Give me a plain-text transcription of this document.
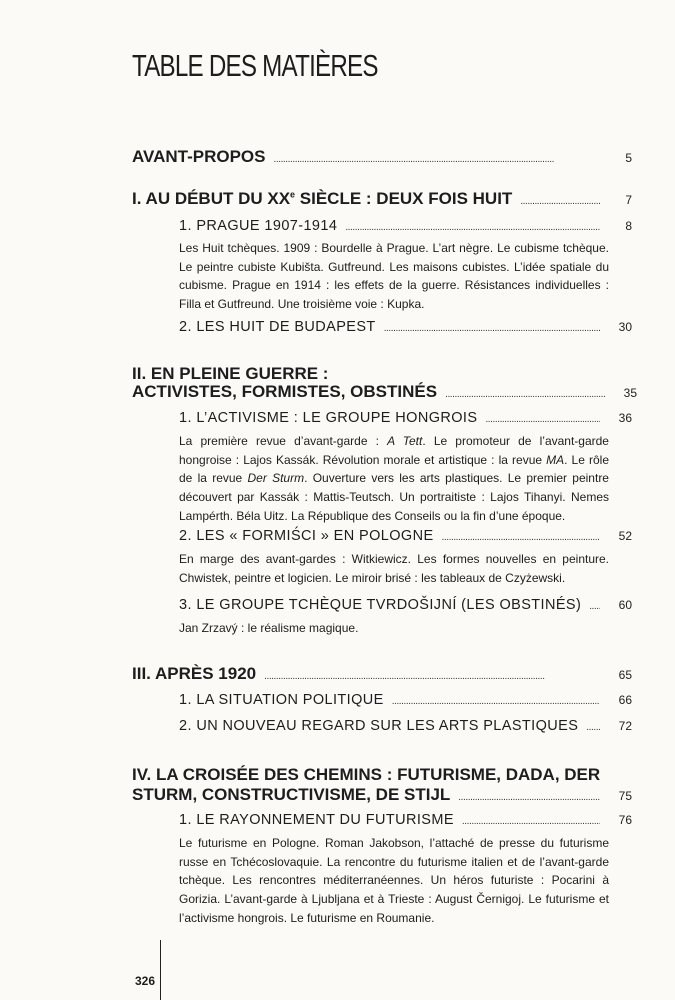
TABLE DES MATIÈRES
AVANT-PROPOS . . .	5
I. AU DÉBUT DU XXe SIÈCLE : DEUX FOIS HUIT . . .	7
1. PRAGUE 1907-1914 . . .	8

Les Huit tchèques. 1909 : Bourdelle à Prague. L’art nègre. Le cubisme tchèque. Le peintre cubiste Kubišta. Gutfreund. Les maisons cubistes. L’idée spatiale du cubisme. Prague en 1914 : les effets de la guerre. Résistances individuelles : Filla et Gutfreund. Une troisième voie : Kupka.

2. LES HUIT DE BUDAPEST . . .	30
II. EN PLEINE GUERRE :
ACTIVISTES, FORMISTES, OBSTINÉS . . .	35
1. L’ACTIVISME : LE GROUPE HONGROIS . . .	36

La première revue d’avant-garde : A Tett. Le promoteur de l’avant-garde hongroise : Lajos Kassák. Révolution morale et artistique : la revue MA. Le rôle de la revue Der Sturm. Ouverture vers les arts plastiques. Le premier peintre découvert par Kassák : Mattis-Teutsch. Un portraitiste : Lajos Tihanyi. Nemes Lampérth. Béla Uitz. La République des Conseils ou la fin d’une époque.

2. LES « FORMIŚCI » EN POLOGNE . . .	52

En marge des avant-gardes : Witkiewicz. Les formes nouvelles en peinture. Chwistek, peintre et logicien. Le miroir brisé : les tableaux de Czyżewski.

3. LE GROUPE TCHÈQUE TVRDOŠIJNÍ (LES OBSTINÉS) . . .	60

Jan Zrzavý : le réalisme magique.

III. APRÈS 1920 . . .	65
1. LA SITUATION POLITIQUE . . .	66
2. UN NOUVEAU REGARD SUR LES ARTS PLASTIQUES . . .	72
IV. LA CROISÉE DES CHEMINS : FUTURISME, DADA, DER
STURM, CONSTRUCTIVISME, DE STIJL . . .	75
1. LE RAYONNEMENT DU FUTURISME . . .	76

Le futurisme en Pologne. Roman Jakobson, l’attaché de presse du futurisme russe en Tchécoslovaquie. La rencontre du futurisme italien et de l’avant-garde tchèque. Les rencontres méditerranéennes. Un héros futuriste : Pocarini à Gorizia. L’avant-garde à Ljubljana et à Trieste : August Černigoj. Le futurisme et l’activisme hongrois. Le futurisme en Roumanie.

326
